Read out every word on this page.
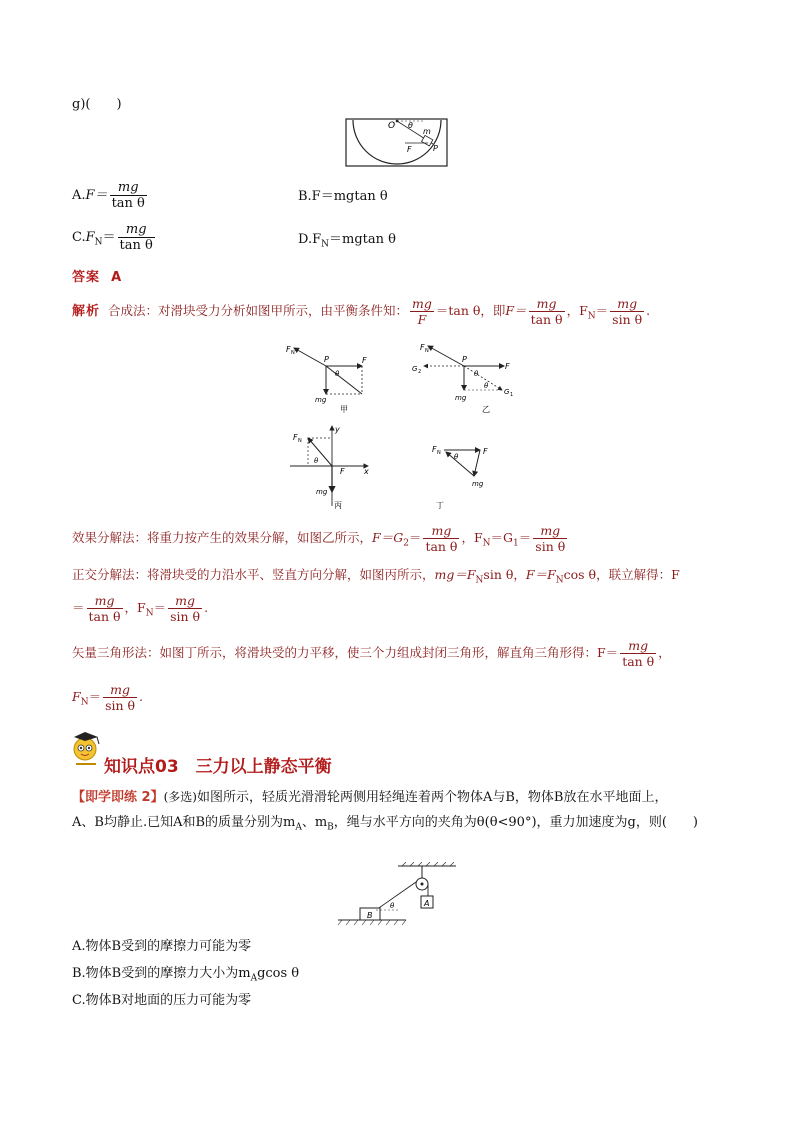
g)(　　)
O θ
m
F	P
$A.F= \frac{mg}{\text{tan θ}}$	B.F＝mgtan θ
$C.F_N= \frac{mg}{\text{tan θ}}$	$D.F_N=mgtan$ θ
答案 A
解析 合成法：对滑块受力分析如图甲所示，由平衡条件知： $\frac{mg}{F} =\tan$ θ，即$F= \frac{mg}{\text{tan θ}}$ ，$F_N= \frac{mg}{\text{sin θ}}$ .
F N
P	F
θ
mg
甲
F N
P
F
G 2
G 1
θ
θ
mg
乙
F N
y
x
F
θ
mg
丙
F N	F
θ
mg
丁
效果分解法：将重力按产生的效果分解，如图乙所示，$F=G_2= \frac{mg}{\text{tan θ}}$ ，$F_N=G_1= \frac{mg}{\text{sin θ}}$
正交分解法：将滑块受的力沿水平、竖直方向分解，如图丙所示，$mg=F_N\sin$ θ，$F=F_N\cos$ θ，联立解得：F
＝ $\frac{mg}{\text{tan θ}}$ ，$F_N= \frac{mg}{\text{sin θ}}$ .
矢量三角形法：如图丁所示，将滑块受的力平移，使三个力组成封闭三角形，解直角三角形得：$F= \frac{mg}{\text{tan θ}}$ ，
$F_N= \frac{mg}{\text{sin θ}}$ .
知识点03　三力以上静态平衡
【即学即练 2】(多选)如图所示，轻质光滑滑轮两侧用轻绳连着两个物体A与B，物体B放在水平地面上，
A、B均静止.已知A和B的质量分别为$m_A$、$m_B$，绳与水平方向的夹角为θ(θ<90°)，重力加速度为g，则(　　)
A
B
θ
A.物体B受到的摩擦力可能为零
B.物体B受到的摩擦力大小为$m_Agcos$ θ
C.物体B对地面的压力可能为零
